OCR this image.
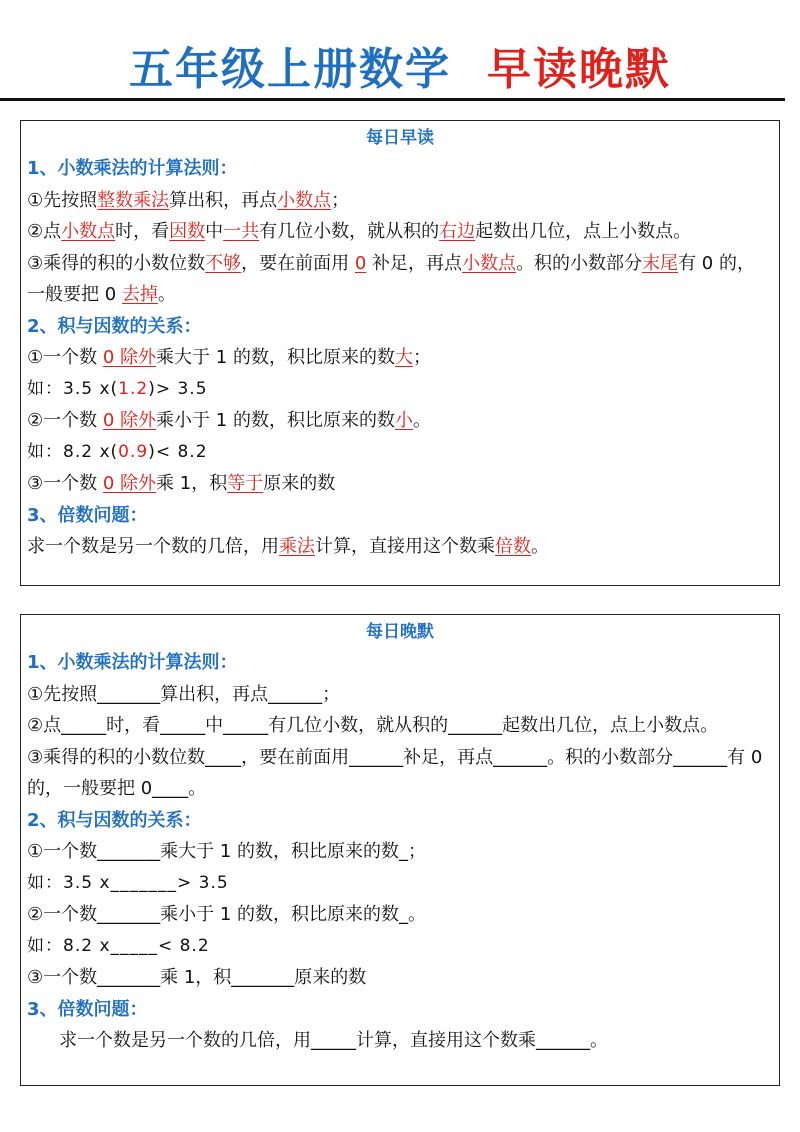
五年级上册数学 早读晚默
每日早读
1、小数乘法的计算法则：
①先按照整数乘法算出积，再点小数点；
②点小数点时，看因数中一共有几位小数，就从积的右边起数出几位，点上小数点。
③乘得的积的小数位数不够，要在前面用 0 补足，再点小数点。积的小数部分末尾有 0 的，一般要把 0 去掉。
2、积与因数的关系：
①一个数 0 除外乘大于 1 的数，积比原来的数大；
如：3.5 x(1.2)> 3.5
②一个数 0 除外乘小于 1 的数，积比原来的数小。
如：8.2 x(0.9)< 8.2
③一个数 0 除外乘 1，积等于原来的数
3、倍数问题：
求一个数是另一个数的几倍，用乘法计算，直接用这个数乘倍数。
每日晚默
1、小数乘法的计算法则：
①先按照_______算出积，再点______；
②点_____时，看_____中_____有几位小数，就从积的______起数出几位，点上小数点。
③乘得的积的小数位数____，要在前面用______补足，再点______。积的小数部分______有 0 的，一般要把 0____。
2、积与因数的关系：
①一个数_______乘大于 1 的数，积比原来的数_；
如：3.5 x_______> 3.5
②一个数_______乘小于 1 的数，积比原来的数_。
如：8.2 x_____< 8.2
③一个数_______乘 1，积_______原来的数
3、倍数问题：
求一个数是另一个数的几倍，用_____计算，直接用这个数乘______。
